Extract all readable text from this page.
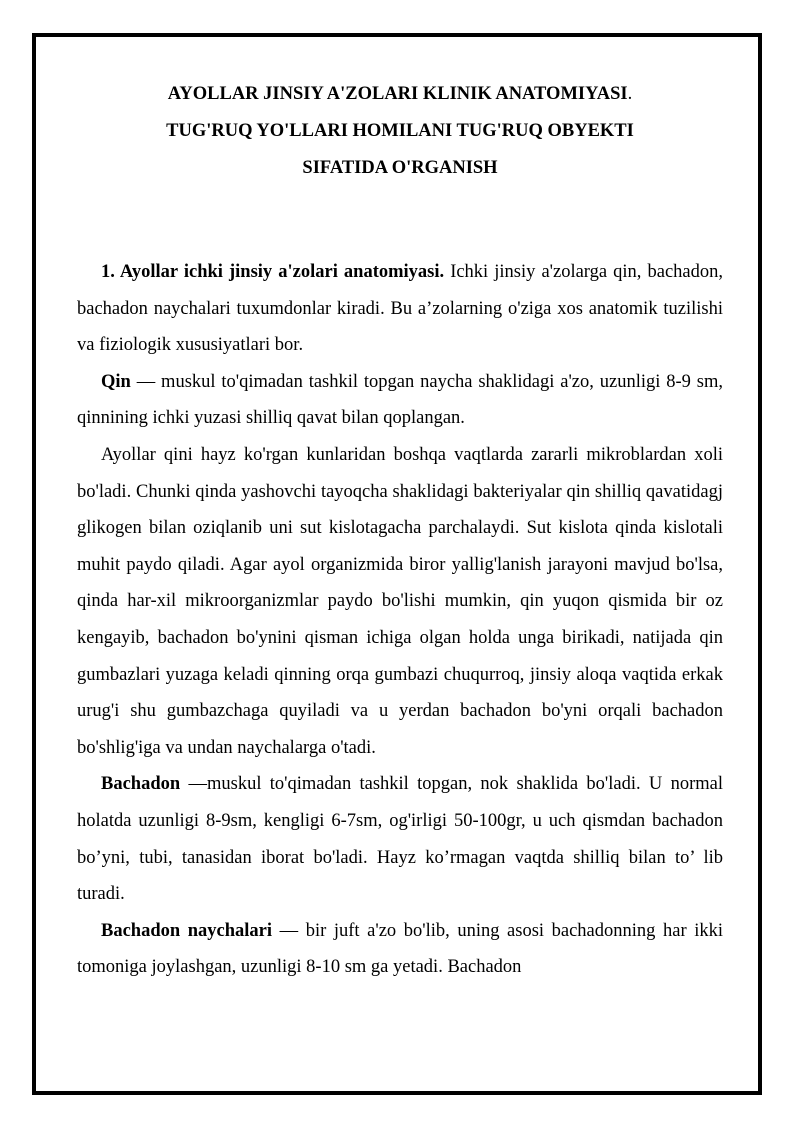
AYOLLAR JINSIY A'ZOLARI KLINIK ANATOMIYASI.
TUG'RUQ YO'LLARI HOMILANI TUG'RUQ OBYEKTI
SIFATIDA O'RGANISH

1. Ayollar ichki jinsiy a'zolari anatomiyasi. Ichki jinsiy a'zolarga qin, bachadon, bachadon naychalari tuxumdonlar kiradi. Bu a’zolarning o'ziga xos anatomik tuzilishi va fiziologik xususiyatlari bor.

Qin — muskul to'qimadan tashkil topgan naycha shaklidagi a'zo, uzunligi 8-9 sm, qinnining ichki yuzasi shilliq qavat bilan qoplangan.

Ayollar qini hayz ko'rgan kunlaridan boshqa vaqtlarda zararli mikroblardan xoli bo'ladi. Chunki qinda yashovchi tayoqcha shaklidagi bakteriyalar qin shilliq qavatidagj glikogen bilan oziqlanib uni sut kislotagacha parchalaydi. Sut kislota qinda kislotali muhit paydo qiladi. Agar ayol organizmida biror yallig'lanish jarayoni mavjud bo'lsa, qinda har-xil mikroorganizmlar paydo bo'lishi mumkin, qin yuqon qismida bir oz kengayib, bachadon bo'ynini qisman ichiga olgan holda unga birikadi, natijada qin gumbazlari yuzaga keladi qinning orqa gumbazi chuqurroq, jinsiy aloqa vaqtida erkak urug'i shu gumbazchaga quyiladi va u yerdan bachadon bo'yni orqali bachadon bo'shlig'iga va undan naychalarga o'tadi.

Bachadon —muskul to'qimadan tashkil topgan, nok shaklida bo'ladi. U normal holatda uzunligi 8-9sm, kengligi 6-7sm, og'irligi 50-100gr, u uch qismdan bachadon bo’yni, tubi, tanasidan iborat bo'ladi. Hayz ko’rmagan vaqtda shilliq bilan to’ lib turadi.

Bachadon naychalari — bir juft a'zo bo'lib, uning asosi bachadonning har ikki tomoniga joylashgan, uzunligi 8-10 sm ga yetadi. Bachadon
